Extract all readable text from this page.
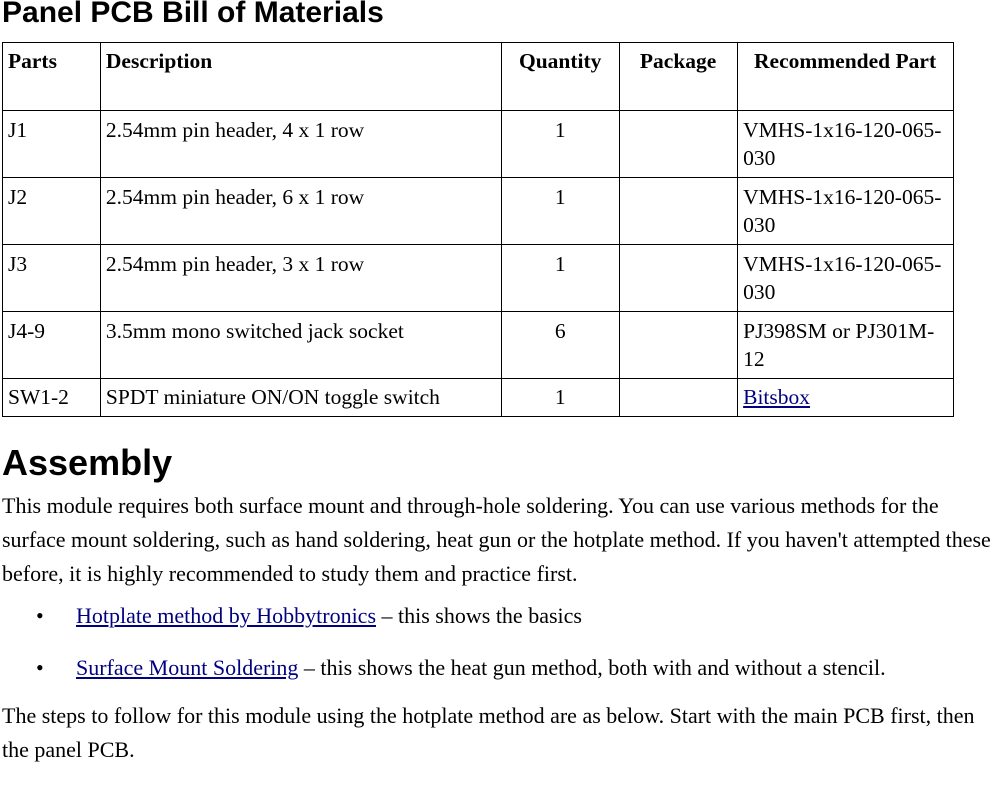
Panel PCB Bill of Materials
Parts	Description	Quantity	Package	Recommended Part
J1	2.54mm pin header, 4 x 1 row	1		VMHS-1x16-120-065-030
J2	2.54mm pin header, 6 x 1 row	1		VMHS-1x16-120-065-030
J3	2.54mm pin header, 3 x 1 row	1		VMHS-1x16-120-065-030
J4-9	3.5mm mono switched jack socket	6		PJ398SM or PJ301M-12
SW1-2	SPDT miniature ON/ON toggle switch	1		Bitsbox
Assembly

This module requires both surface mount and through-hole soldering. You can use various methods for the surface mount soldering, such as hand soldering, heat gun or the hotplate method. If you haven't attempted these before, it is highly recommended to study them and practice first.

• Hotplate method by Hobbytronics – this shows the basics
• Surface Mount Soldering – this shows the heat gun method, both with and without a stencil.

The steps to follow for this module using the hotplate method are as below. Start with the main PCB first, then the panel PCB.
